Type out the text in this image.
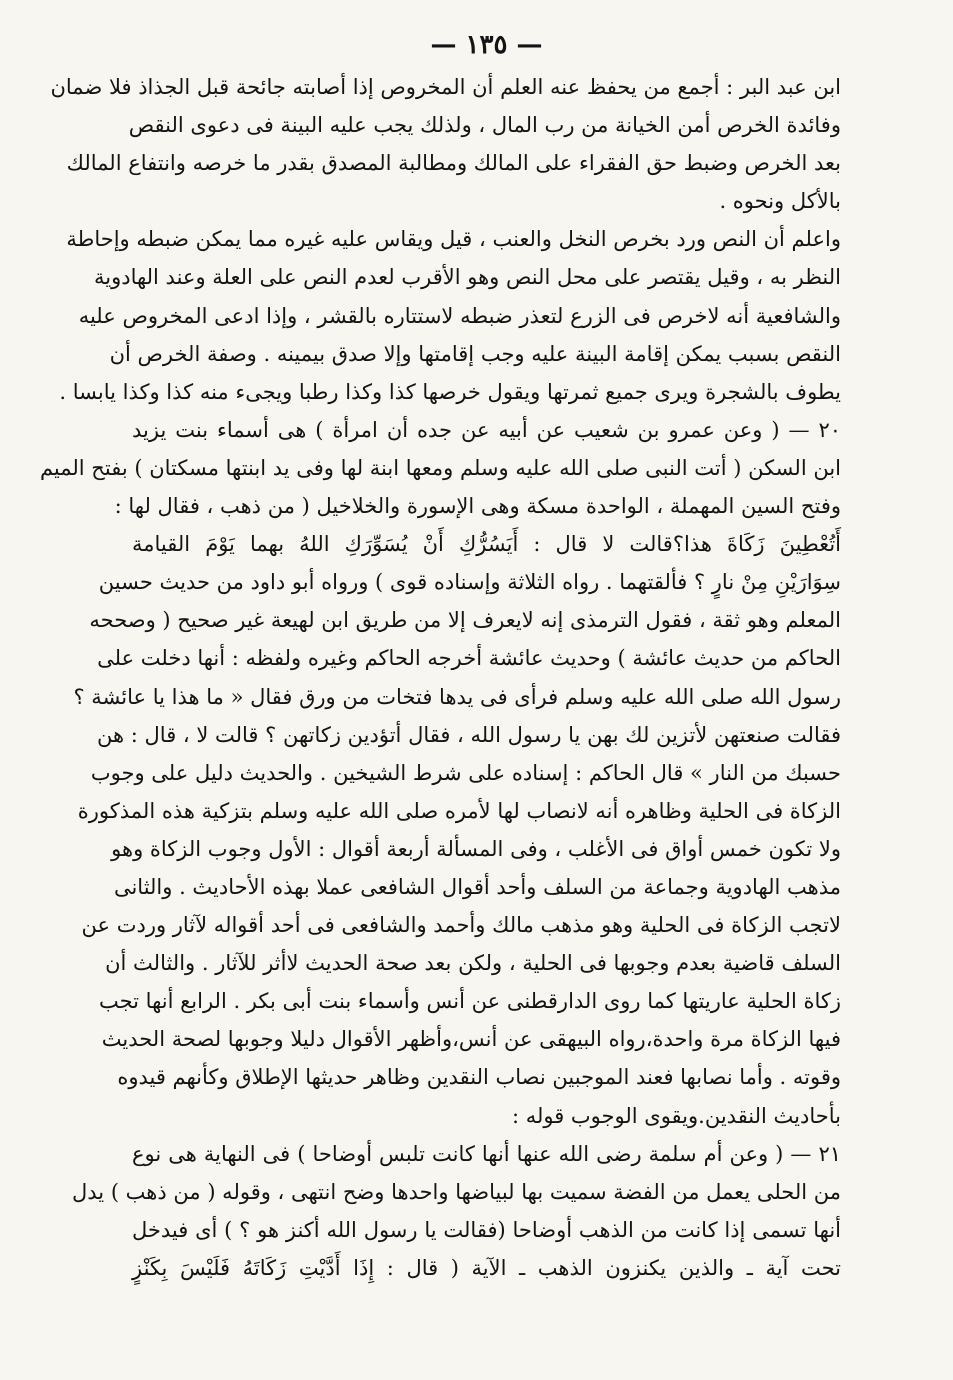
— ١٣٥ —
ابن عبد البر : أجمع من يحفظ عنه العلم أن المخروص إذا أصابته جائحة قبل الجذاذ فلا ضمان
وفائدة الخرص أمن الخيانة من رب المال ، ولذلك يجب عليه البينة فى دعوى النقص
بعد الخرص وضبط حق الفقراء على المالك ومطالبة المصدق بقدر ما خرصه وانتفاع المالك
بالأكل ونحوه .
واعلم أن النص ورد بخرص النخل والعنب ، قيل ويقاس عليه غيره مما يمكن ضبطه وإحاطة
النظر به ، وقيل يقتصر على محل النص وهو الأقرب لعدم النص على العلة وعند الهادوية
والشافعية أنه لاخرص فى الزرع لتعذر ضبطه لاستتاره بالقشر ، وإذا ادعى المخروص عليه
النقص بسبب يمكن إقامة البينة عليه وجب إقامتها وإلا صدق بيمينه . وصفة الخرص أن
يطوف بالشجرة ويرى جميع ثمرتها ويقول خرصها كذا وكذا رطبا ويجىء منه كذا وكذا يابسا .
٢٠ — ( وعن عمرو بن شعيب عن أبيه عن جده أن امرأة ) هى أسماء بنت يزيد
ابن السكن ( أتت النبى صلى الله عليه وسلم ومعها ابنة لها وفى يد ابنتها مسكتان ) بفتح الميم
وفتح السين المهملة ، الواحدة مسكة وهى الإسورة والخلاخيل ( من ذهب ، فقال لها :
أَتُعْطِينَ زَكَاةَ هذا؟قالت لا قال : أَيَسُرُّكِ أَنْ يُسَوِّرَكِ اللهُ بهما يَوْمَ القيامة
سِوَارَيْنِ مِنْ نارٍ ؟ فألقتهما . رواه الثلاثة وإسناده قوى ) ورواه أبو داود من حديث حسين
المعلم وهو ثقة ، فقول الترمذى إنه لايعرف إلا من طريق ابن لهيعة غير صحيح ( وصححه
الحاكم من حديث عائشة ) وحديث عائشة أخرجه الحاكم وغيره ولفظه : أنها دخلت على
رسول الله صلى الله عليه وسلم فرأى فى يدها فتخات من ورق فقال « ما هذا يا عائشة ؟
فقالت صنعتهن لأتزين لك بهن يا رسول الله ، فقال أتؤدين زكاتهن ؟ قالت لا ، قال : هن
حسبك من النار » قال الحاكم : إسناده على شرط الشيخين . والحديث دليل على وجوب
الزكاة فى الحلية وظاهره أنه لانصاب لها لأمره صلى الله عليه وسلم بتزكية هذه المذكورة
ولا تكون خمس أواق فى الأغلب ، وفى المسألة أربعة أقوال : الأول وجوب الزكاة وهو
مذهب الهادوية وجماعة من السلف وأحد أقوال الشافعى عملا بهذه الأحاديث . والثانى
لاتجب الزكاة فى الحلية وهو مذهب مالك وأحمد والشافعى فى أحد أقواله لآثار وردت عن
السلف قاضية بعدم وجوبها فى الحلية ، ولكن بعد صحة الحديث لاأثر للآثار . والثالث أن
زكاة الحلية عاريتها كما روى الدارقطنى عن أنس وأسماء بنت أبى بكر . الرابع أنها تجب
فيها الزكاة مرة واحدة،رواه البيهقى عن أنس،وأظهر الأقوال دليلا وجوبها لصحة الحديث
وقوته . وأما نصابها فعند الموجبين نصاب النقدين وظاهر حديثها الإطلاق وكأنهم قيدوه
بأحاديث النقدين.ويقوى الوجوب قوله :
٢١ — ( وعن أم سلمة رضى الله عنها أنها كانت تلبس أوضاحا ) فى النهاية هى نوع
من الحلى يعمل من الفضة سميت بها لبياضها واحدها وضح انتهى ، وقوله ( من ذهب ) يدل
أنها تسمى إذا كانت من الذهب أوضاحا (فقالت يا رسول الله أكنز هو ؟ ) أى فيدخل
تحت آية ـ والذين يكنزون الذهب ـ الآية ( قال : إِذَا أَدَّيْتِ زَكَاتَهُ فَلَيْسَ بِكَنْزٍ
